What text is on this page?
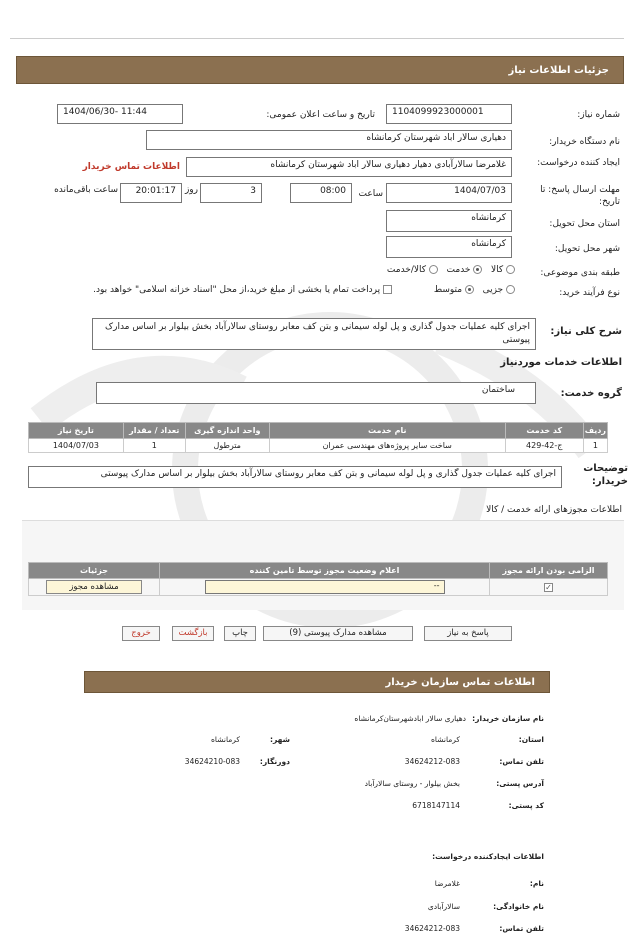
جزئیات اطلاعات نیاز
شماره نیاز:
1104099923000001
تاریخ و ساعت اعلان عمومی:
1404/06/30- 11:44
نام دستگاه خریدار:
دهیاری سالار اباد شهرستان کرمانشاه
ایجاد کننده درخواست:
غلامرضا سالارآبادی دهیار دهیاری سالار اباد شهرستان کرمانشاه
اطلاعات تماس خریدار
مهلت ارسال پاسخ: تا تاریخ:
1404/07/03
ساعت
08:00
3
روز
20:01:17
ساعت باقی‌مانده
استان محل تحویل:
کرمانشاه
شهر محل تحویل:
کرمانشاه
طبقه بندی موضوعی:
کالا    خدمت    کالا/خدمت
نوع فرآیند خرید:
جزیی    متوسط
پرداخت تمام یا بخشی از مبلغ خرید،از محل "اسناد خزانه اسلامی" خواهد بود.
شرح کلی نیاز:
اجرای کلیه عملیات جدول گذاری و پل لوله سیمانی و بتن کف معابر روستای سالارآباد بخش بیلوار بر اساس مدارک پیوستی
اطلاعات خدمات موردنیاز
گروه خدمت:
ساختمان
ردیف	کد خدمت	نام خدمت	واحد اندازه گیری	تعداد / مقدار	تاریخ نیاز
1	ج-42-429	ساخت سایر پروژه‌های مهندسی عمران	مترطول	1	1404/07/03
توضیحات خریدار:
اجرای کلیه عملیات جدول گذاری و پل لوله سیمانی و بتن کف معابر روستای سالارآباد بخش بیلوار بر اساس مدارک پیوستی
اطلاعات مجوزهای ارائه خدمت / کالا
الزامی بودن ارائه مجوز	اعلام وضعیت مجوز توسط تامین کننده	جزئیات
✓	--	مشاهده مجوز
پاسخ به نیاز
مشاهده مدارک پیوستی (9)
چاپ
بازگشت
خروج
اطلاعات تماس سازمان خریدار
نام سازمان خریدار:
دهیاری سالار اباد‌شهرستان‌کرمانشاه
استان:
کرمانشاه
شهر:
کرمانشاه
تلفن تماس:
34624212-083
دورنگار:
34624210-083
آدرس پستی:
بخش بیلوار - روستای سالارآباد
کد پستی:
6718147114
اطلاعات ایجادکننده درخواست:
نام:
غلامرضا
نام خانوادگی:
سالارآبادی
تلفن تماس:
34624212-083
